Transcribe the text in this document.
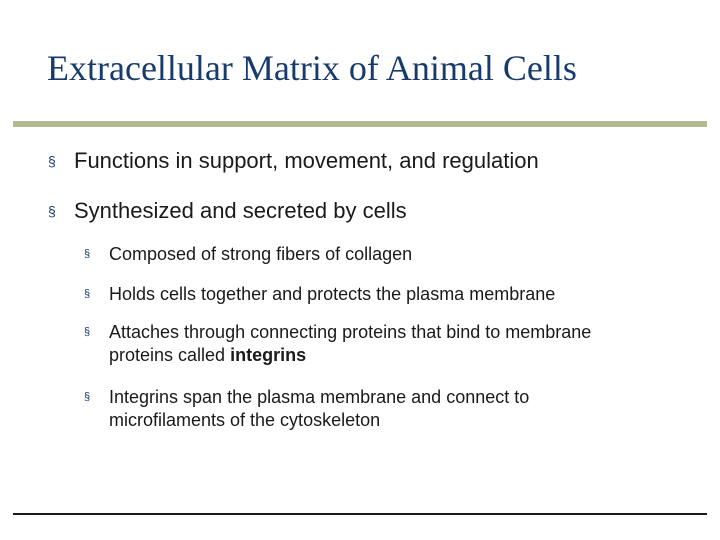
Extracellular Matrix of Animal Cells
§ Functions in support, movement, and regulation
§ Synthesized and secreted by cells
§ Composed of strong fibers of collagen
§ Holds cells together and protects the plasma membrane
§ Attaches through connecting proteins that bind to membrane proteins called integrins
§ Integrins span the plasma membrane and connect to microfilaments of the cytoskeleton
